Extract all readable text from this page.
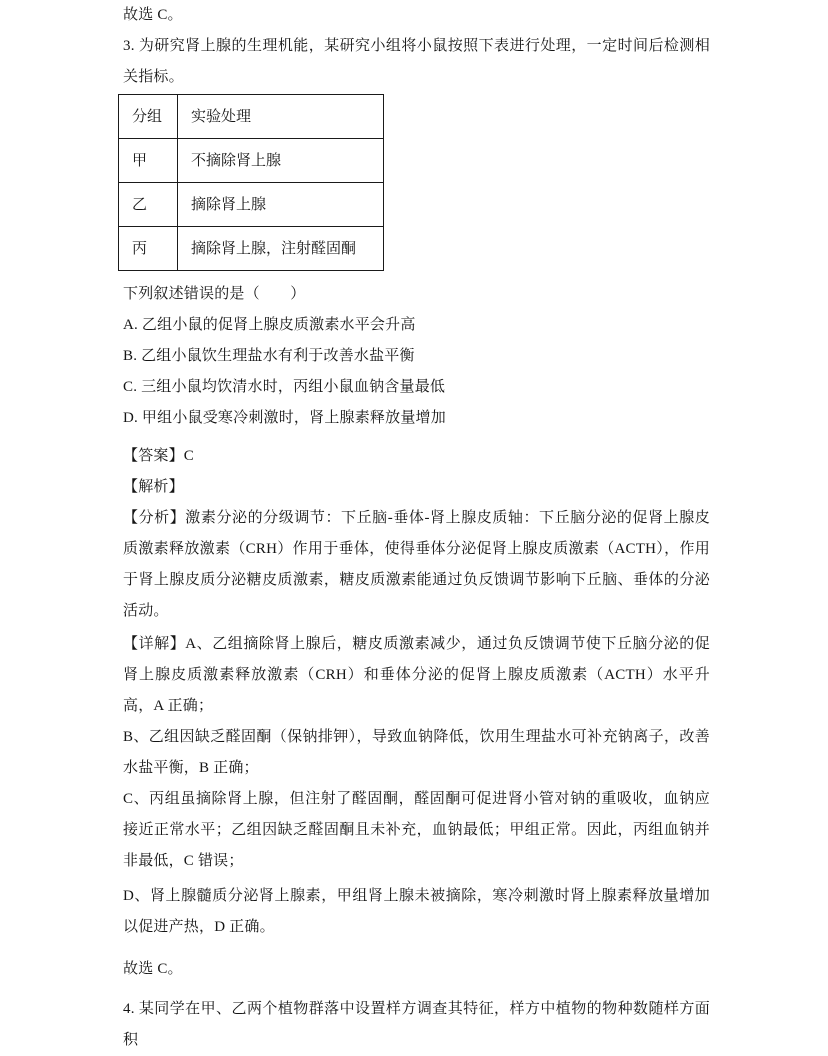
故选 C。

3. 为研究肾上腺的生理机能，某研究小组将小鼠按照下表进行处理，一定时间后检测相关指标。

分组	实验处理
甲	不摘除肾上腺
乙	摘除肾上腺
丙	摘除肾上腺，注射醛固酮

下列叙述错误的是（　　）

A. 乙组小鼠的促肾上腺皮质激素水平会升高

B. 乙组小鼠饮生理盐水有利于改善水盐平衡

C. 三组小鼠均饮清水时，丙组小鼠血钠含量最低

D. 甲组小鼠受寒冷刺激时，肾上腺素释放量增加

【答案】C

【解析】

【分析】激素分泌的分级调节：下丘脑-垂体-肾上腺皮质轴：下丘脑分泌的促肾上腺皮质激素释放激素（CRH）作用于垂体，使得垂体分泌促肾上腺皮质激素（ACTH），作用于肾上腺皮质分泌糖皮质激素，糖皮质激素能通过负反馈调节影响下丘脑、垂体的分泌活动。

【详解】A、乙组摘除肾上腺后，糖皮质激素减少，通过负反馈调节使下丘脑分泌的促肾上腺皮质激素释放激素（CRH）和垂体分泌的促肾上腺皮质激素（ACTH）水平升高，A 正确；

B、乙组因缺乏醛固酮（保钠排钾），导致血钠降低，饮用生理盐水可补充钠离子，改善水盐平衡，B 正确；

C、丙组虽摘除肾上腺，但注射了醛固酮，醛固酮可促进肾小管对钠的重吸收，血钠应接近正常水平；乙组因缺乏醛固酮且未补充，血钠最低；甲组正常。因此，丙组血钠并非最低，C 错误；

D、肾上腺髓质分泌肾上腺素，甲组肾上腺未被摘除，寒冷刺激时肾上腺素释放量增加以促进产热，D 正确。

故选 C。

4. 某同学在甲、乙两个植物群落中设置样方调查其特征，样方中植物的物种数随样方面积
